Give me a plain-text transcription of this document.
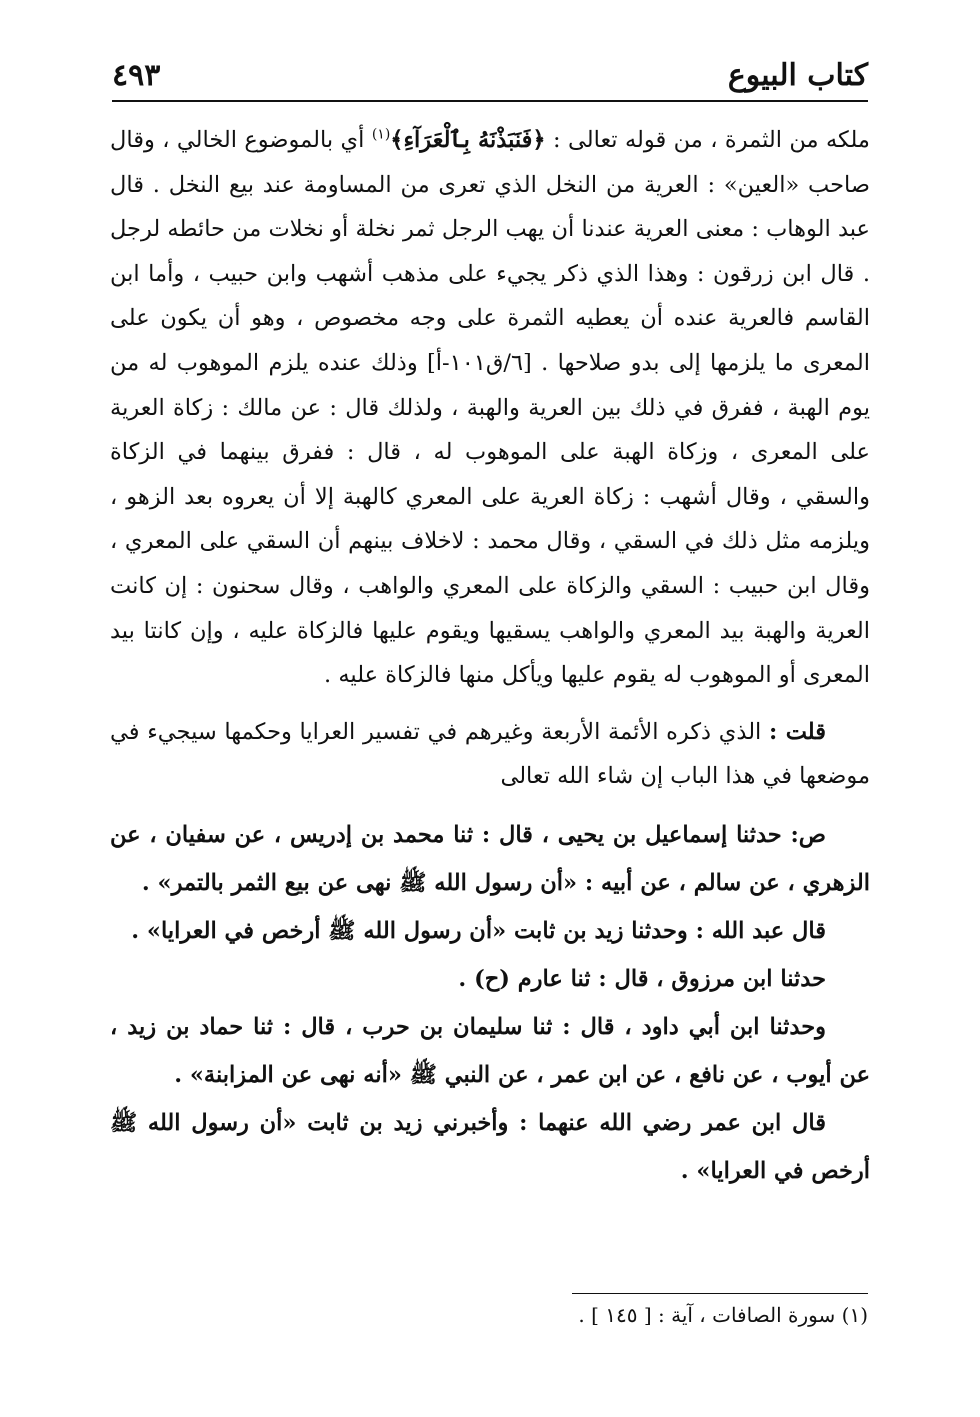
كتاب البيوع
٤٩٣

ملكه من الثمرة ، من قوله تعالى : ﴿فَنَبَذْنَهُ بِٱلْعَرَآءِ﴾$^{(١)}$ أي بالموضوع الخالي ، وقال صاحب «العين» : العرية من النخل الذي تعرى من المساومة عند بيع النخل . قال عبد الوهاب : معنى العرية عندنا أن يهب الرجل ثمر نخلة أو نخلات من حائطه لرجل . قال ابن زرقون : وهذا الذي ذكر يجيء على مذهب أشهب وابن حبيب ، وأما ابن القاسم فالعرية عنده أن يعطيه الثمرة على وجه مخصوص ، وهو أن يكون على المعرى ما يلزمها إلى بدو صلاحها . [٦/ق١٠١-أ] وذلك عنده يلزم الموهوب له من يوم الهبة ، ففرق في ذلك بين العرية والهبة ، ولذلك قال : عن مالك : زكاة العرية على المعرى ، وزكاة الهبة على الموهوب له ، قال : ففرق بينهما في الزكاة والسقي ، وقال أشهب : زكاة العرية على المعري كالهبة إلا أن يعروه بعد الزهو ، ويلزمه مثل ذلك في السقي ، وقال محمد : لاخلاف بينهم أن السقي على المعري ، وقال ابن حبيب : السقي والزكاة على المعري والواهب ، وقال سحنون : إن كانت العرية والهبة بيد المعري والواهب يسقيها ويقوم عليها فالزكاة عليه ، وإن كانتا بيد المعرى أو الموهوب له يقوم عليها ويأكل منها فالزكاة عليه .

قلت : الذي ذكره الأئمة الأربعة وغيرهم في تفسير العرايا وحكمها سيجيء في موضعها في هذا الباب إن شاء الله تعالى

ص: حدثنا إسماعيل بن يحيى ، قال : ثنا محمد بن إدريس ، عن سفيان ، عن الزهري ، عن سالم ، عن أبيه : «أن رسول الله ﷺ نهى عن بيع الثمر بالتمر» .

قال عبد الله : وحدثنا زيد بن ثابت «أن رسول الله ﷺ أرخص في العرايا» .

حدثنا ابن مرزوق ، قال : ثنا عارم (ح) .

وحدثنا ابن أبي داود ، قال : ثنا سليمان بن حرب ، قال : ثنا حماد بن زيد ، عن أيوب ، عن نافع ، عن ابن عمر ، عن النبي ﷺ «أنه نهى عن المزابنة» .

قال ابن عمر رضي الله عنهما : وأخبرني زيد بن ثابت «أن رسول الله ﷺ أرخص في العرايا» .

(١) سورة الصافات ، آية : [ ١٤٥ ] .
